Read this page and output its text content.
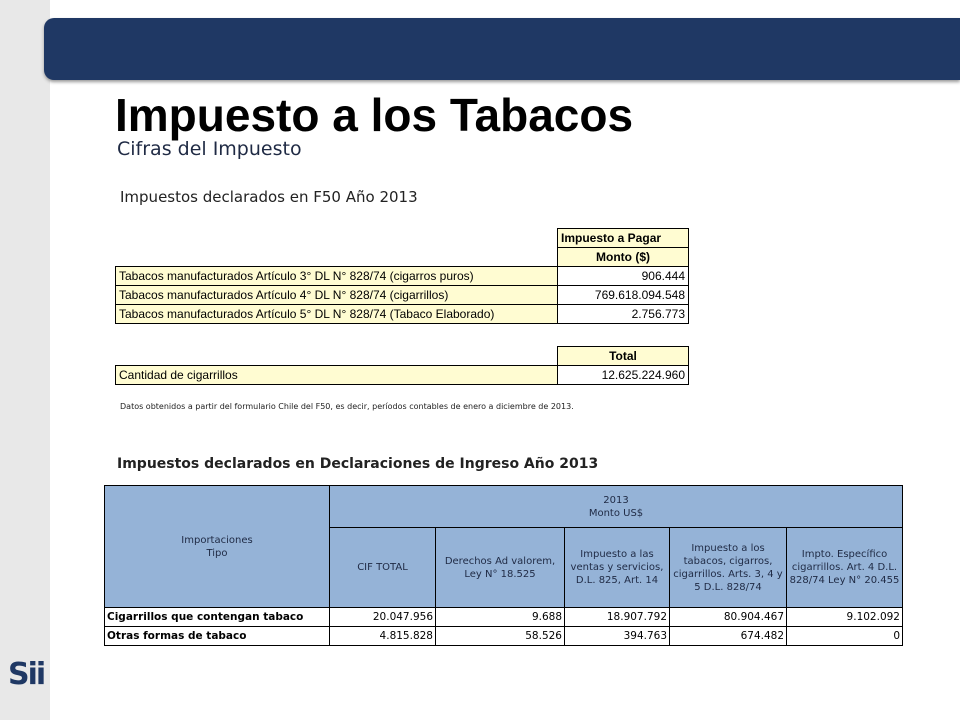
Sii
Impuesto a los Tabacos
Cifras del Impuesto
Impuestos declarados en F50 Año 2013
	Impuesto a Pagar
	Monto ($)
Tabacos manufacturados Artículo 3° DL N° 828/74 (cigarros puros)	906.444
Tabacos manufacturados Artículo 4° DL N° 828/74 (cigarrillos)	769.618.094.548
Tabacos manufacturados Artículo 5° DL N° 828/74 (Tabaco Elaborado)	2.756.773
	Total
Cantidad de cigarrillos	12.625.224.960
Datos obtenidos a partir del formulario Chile del F50, es decir, períodos contables de enero a diciembre de 2013.
Impuestos declarados en Declaraciones de Ingreso Año 2013
Importaciones
Tipo	2013
Monto US$				
	CIF TOTAL	Derechos Ad valorem, Ley N° 18.525	Impuesto a las ventas y servicios, D.L. 825, Art. 14	Impuesto a los tabacos, cigarros, cigarrillos. Arts. 3, 4 y 5 D.L. 828/74	Impto. Específico cigarrillos. Art. 4 D.L. 828/74 Ley N° 20.455
Cigarrillos que contengan tabaco	20.047.956	9.688	18.907.792	80.904.467	9.102.092
Otras formas de tabaco	4.815.828	58.526	394.763	674.482	0
